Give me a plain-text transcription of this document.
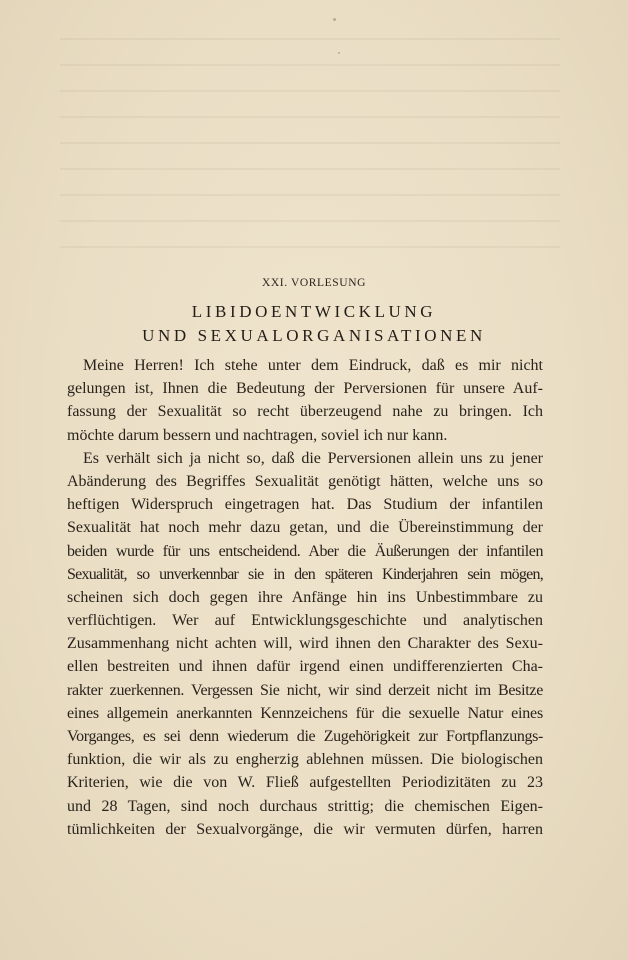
XXI. VORLESUNG
LIBIDOENTWICKLUNG
UND SEXUALORGANISATIONEN
Meine Herren! Ich stehe unter dem Eindruck, daß es mir nicht
gelungen ist, Ihnen die Bedeutung der Perversionen für unsere Auf-
fassung der Sexualität so recht überzeugend nahe zu bringen. Ich
möchte darum bessern und nachtragen, soviel ich nur kann.
Es verhält sich ja nicht so, daß die Perversionen allein uns zu jener
Abänderung des Begriffes Sexualität genötigt hätten, welche uns so
heftigen Widerspruch eingetragen hat. Das Studium der infantilen
Sexualität hat noch mehr dazu getan, und die Übereinstimmung der
beiden wurde für uns entscheidend. Aber die Äußerungen der infantilen
Sexualität, so unverkennbar sie in den späteren Kinderjahren sein mögen,
scheinen sich doch gegen ihre Anfänge hin ins Unbestimmbare zu
verflüchtigen. Wer auf Entwicklungsgeschichte und analytischen
Zusammenhang nicht achten will, wird ihnen den Charakter des Sexu-
ellen bestreiten und ihnen dafür irgend einen undifferenzierten Cha-
rakter zuerkennen. Vergessen Sie nicht, wir sind derzeit nicht im Besitze
eines allgemein anerkannten Kennzeichens für die sexuelle Natur eines
Vorganges, es sei denn wiederum die Zugehörigkeit zur Fortpflanzungs-
funktion, die wir als zu engherzig ablehnen müssen. Die biologischen
Kriterien, wie die von W. Fließ aufgestellten Periodizitäten zu 23
und 28 Tagen, sind noch durchaus strittig; die chemischen Eigen-
tümlichkeiten der Sexualvorgänge, die wir vermuten dürfen, harren
